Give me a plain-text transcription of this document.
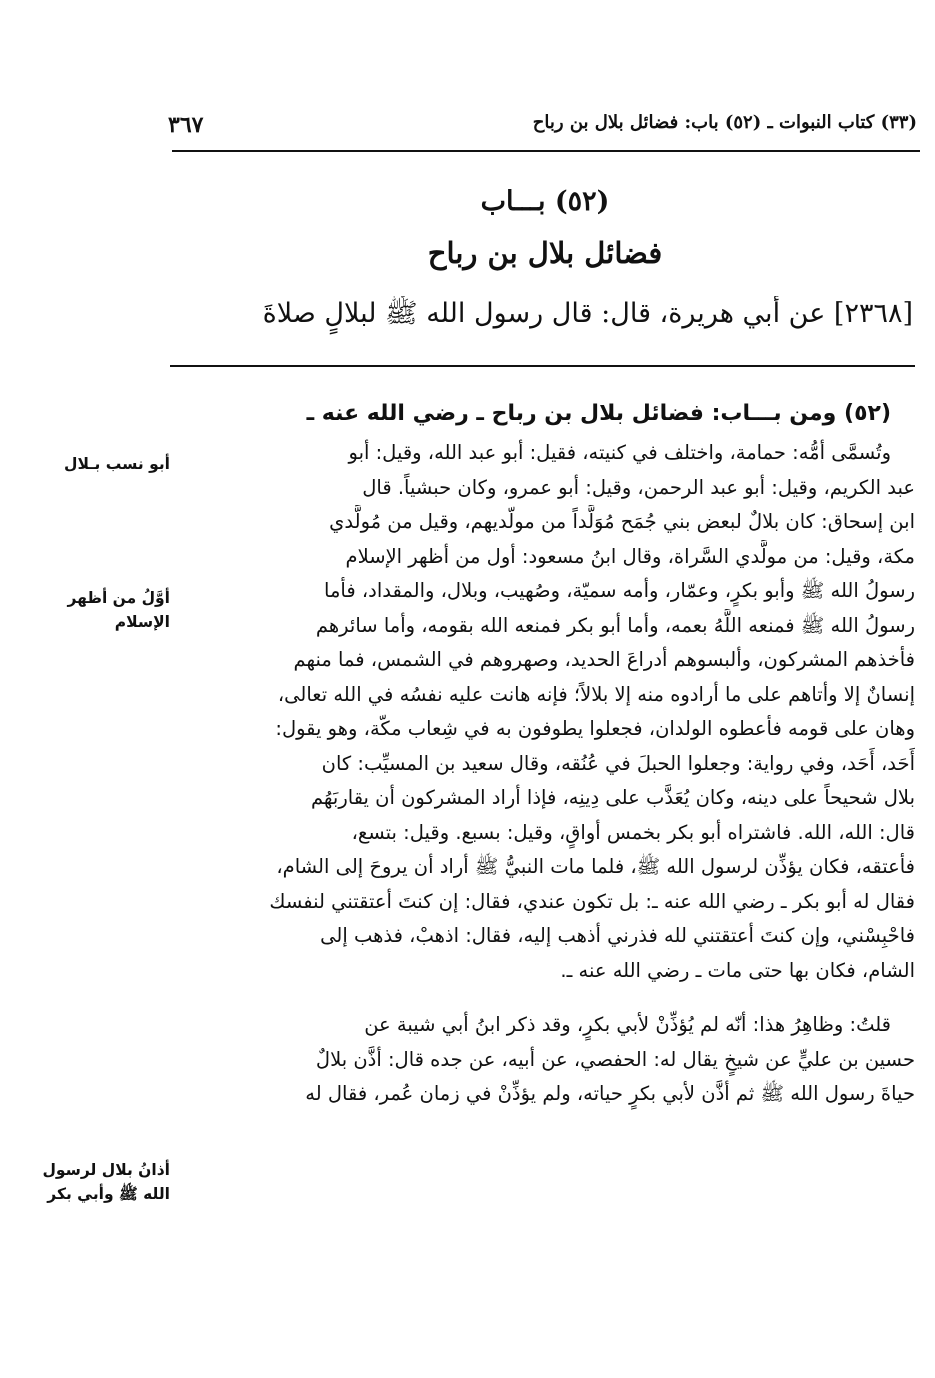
(٣٣) كتاب النبوات ـ (٥٢) باب: فضائل بلال بن رباح
٣٦٧
(٥٢) بـــاب
فضائل بلال بن رباح
[٢٣٦٨] عن أبي هريرة، قال: قال رسول الله ﷺ لبلالٍ صلاةَ
(٥٢) ومن بـــاب: فضائل بلال بن رباح ـ رضي الله عنه ـ
وتُسمَّى أمُّه: حمامة، واختلف في كنيته، فقيل: أبو عبد الله، وقيل: أبو
عبد الكريم، وقيل: أبو عبد الرحمن، وقيل: أبو عمرو، وكان حبشياً. قال
ابن إسحاق: كان بلالٌ لبعض بني جُمَح مُوَلَّداً من مولّديهم، وقيل من مُولَّدي
مكة، وقيل: من مولَّدي السَّراة، وقال ابنُ مسعود: أول من أظهر الإسلام
رسولُ الله ﷺ وأبو بكرٍ، وعمّار، وأمه سميّة، وصُهيب، وبلال، والمقداد، فأما
رسولُ الله ﷺ فمنعه اللَّهُ بعمه، وأما أبو بكر فمنعه الله بقومه، وأما سائرهم
فأخذهم المشركون، وألبسوهم أدراعَ الحديد، وصهروهم في الشمس، فما منهم
إنسانٌ إلا وأتاهم على ما أرادوه منه إلا بلالاً؛ فإنه هانت عليه نفسُه في الله تعالى،
وهان على قومه فأعطوه الولدان، فجعلوا يطوفون به في شِعاب مكّة، وهو يقول:
أَحَد، أَحَد، وفي رواية: وجعلوا الحبلَ في عُنُقه، وقال سعيد بن المسيِّب: كان
بلال شحيحاً على دينه، وكان يُعَذَّب على دِينِه، فإذا أراد المشركون أن يقاربَهُم
قال: الله، الله. فاشتراه أبو بكر بخمس أواقٍ، وقيل: بسبع. وقيل: بتسع،
فأعتقه، فكان يؤذِّن لرسول الله ﷺ، فلما مات النبيُّ ﷺ أراد أن يروحَ إلى الشام،
فقال له أبو بكر ـ رضي الله عنه ـ: بل تكون عندي، فقال: إن كنتَ أعتقتني لنفسك
فاحْبِسْني، وإن كنتَ أعتقتني لله فذرني أذهب إليه، فقال: اذهبْ، فذهب إلى
الشام، فكان بها حتى مات ـ رضي الله عنه ـ.
قلتُ: وظاهِرُ هذا: أنّه لم يُؤذِّنْ لأبي بكرٍ، وقد ذكر ابنُ أبي شيبة عن
حسين بن عليٍّ عن شيخٍ يقال له: الحفصي، عن أبيه، عن جده قال: أذَّن بلالٌ
حياةَ رسول الله ﷺ ثم أذَّن لأبي بكرٍ حياته، ولم يؤذِّنْ في زمان عُمر، فقال له
أبو نسب بـلال
أوَّلُ من أظهر الإسلام
أذانُ بلال لرسول الله ﷺ وأبي بكر
